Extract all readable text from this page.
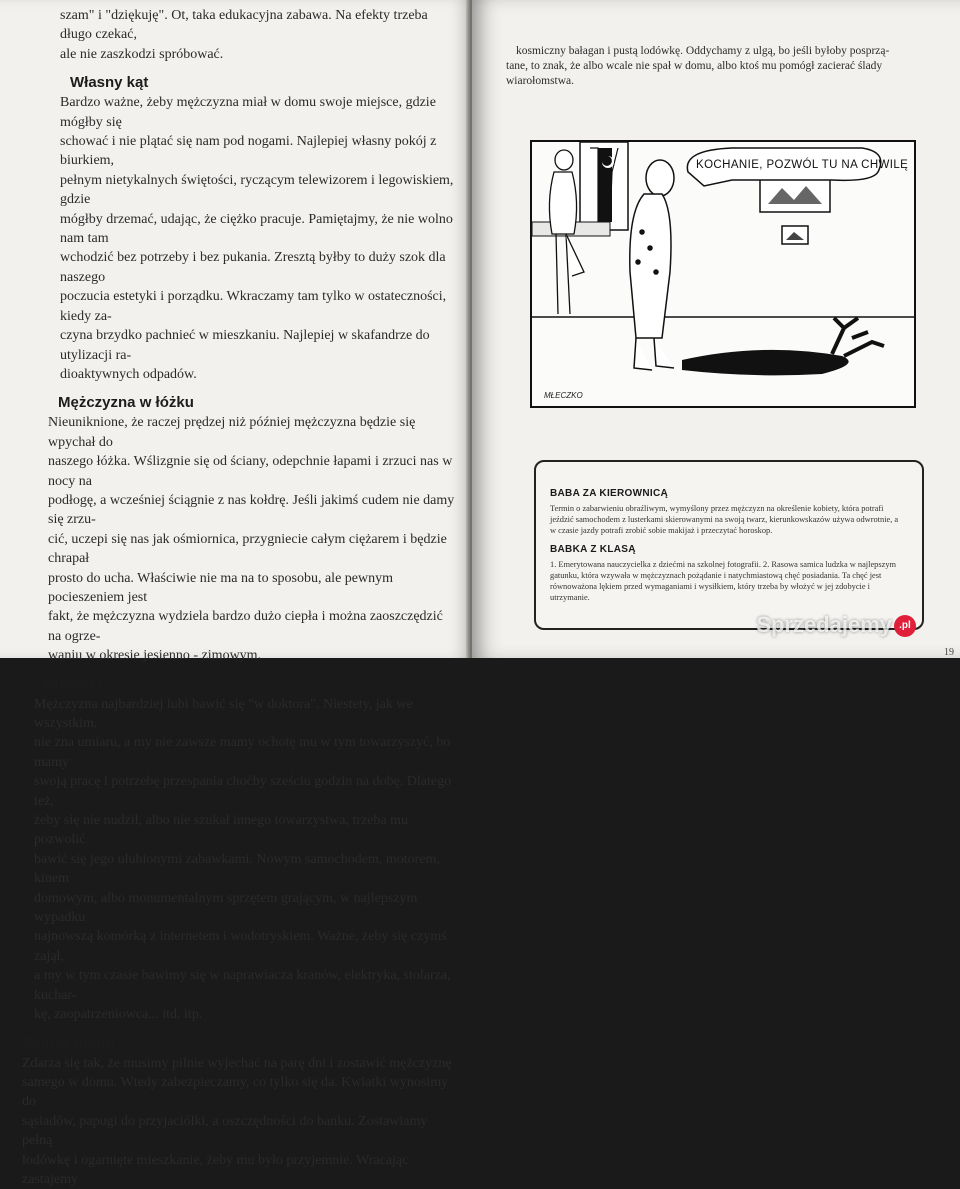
szam" i "dziękuję". Ot, taka edukacyjna zabawa. Na efekty trzeba długo czekać,

ale nie zaszkodzi spróbować.

Własny kąt

Bardzo ważne, żeby mężczyzna miał w domu swoje miejsce, gdzie mógłby się

schować i nie plątać się nam pod nogami. Najlepiej własny pokój z biurkiem,

pełnym nietykalnych świętości, ryczącym telewizorem i legowiskiem, gdzie

mógłby drzemać, udając, że ciężko pracuje. Pamiętajmy, że nie wolno nam tam

wchodzić bez potrzeby i bez pukania. Zresztą byłby to duży szok dla naszego

poczucia estetyki i porządku. Wkraczamy tam tylko w ostateczności, kiedy za-

czyna brzydko pachnieć w mieszkaniu. Najlepiej w skafandrze do utylizacji ra-

dioaktywnych odpadów.

Mężczyzna w łóżku

Nieuniknione, że raczej prędzej niż później mężczyzna będzie się wpychał do

naszego łóżka. Wślizgnie się od ściany, odepchnie łapami i zrzuci nas w nocy na

podłogę, a wcześniej ściągnie z nas kołdrę. Jeśli jakimś cudem nie damy się zrzu-

cić, uczepi się nas jak ośmiornica, przygniecie całym ciężarem i będzie chrapał

prosto do ucha. Właściwie nie ma na to sposobu, ale pewnym pocieszeniem jest

fakt, że mężczyzna wydziela bardzo dużo ciepła i można zaoszczędzić na ogrze-

waniu w okresie jesienno - zimowym.

Zabawki

Mężczyzna najbardziej lubi bawić się "w doktora". Niestety, jak we wszystkim,

nie zna umiaru, a my nie zawsze mamy ochotę mu w tym towarzyszyć, bo mamy

swoją pracę i potrzebę przespania choćby sześciu godzin na dobę. Dlatego też,

żeby się nie nudził, albo nie szukał innego towarzystwa, trzeba mu pozwolić

bawić się jego ulubionymi zabawkami. Nowym samochodem, motorem, kinem

domowym, albo monumentalnym sprzętem grającym, w najlepszym wypadku

najnowszą komórką z internetem i wodotryskiem. Ważne, żeby się czymś zajął,

a my w tym czasie bawimy się w naprawiacza kranów, elektryka, stolarza, kuchar-

kę, zaopatrzeniowca... itd. itp.

Sam w domu

Zdarza się tak, że musimy pilnie wyjechać na parę dni i zostawić mężczyznę

samego w domu. Wtedy zabezpieczamy, co tylko się da. Kwiatki wynosimy do

sąsiadów, papugi do przyjaciółki, a oszczędności do banku. Zostawiamy pełną

lodówkę i ogarnięte mieszkanie, żeby mu było przyjemnie. Wracając zastajemy

kosmiczny bałagan i pustą lodówkę. Oddychamy z ulgą, bo jeśli byłoby posprzą-

tane, to znak, że albo wcale nie spał w domu, albo ktoś mu pomógł zacierać ślady

wiarołomstwa.

KOCHANIE, POZWÓL TU NA CHWILĘ
MŁECZKO
BABA ZA KIEROWNICĄ

Termin o zabarwieniu obraźliwym, wymyślony przez mężczyzn na określenie kobiety, która potrafi jeździć samochodem z lusterkami skierowanymi na swoją twarz, kierunkowskazów używa odwrotnie, a w czasie jazdy potrafi zrobić sobie makijaż i przeczytać horoskop.

BABKA Z KLASĄ

1. Emerytowana nauczycielka z dziećmi na szkolnej fotografii. 2. Rasowa samica ludzka w najlepszym gatunku, która wzywała w mężczyznach pożądanie i natychmiastową chęć posiadania. Ta chęć jest równoważona lękiem przed wymaganiami i wysiłkiem, który trzeba by włożyć w jej zdobycie i utrzymanie.

19
Sprzedajemy .pl
